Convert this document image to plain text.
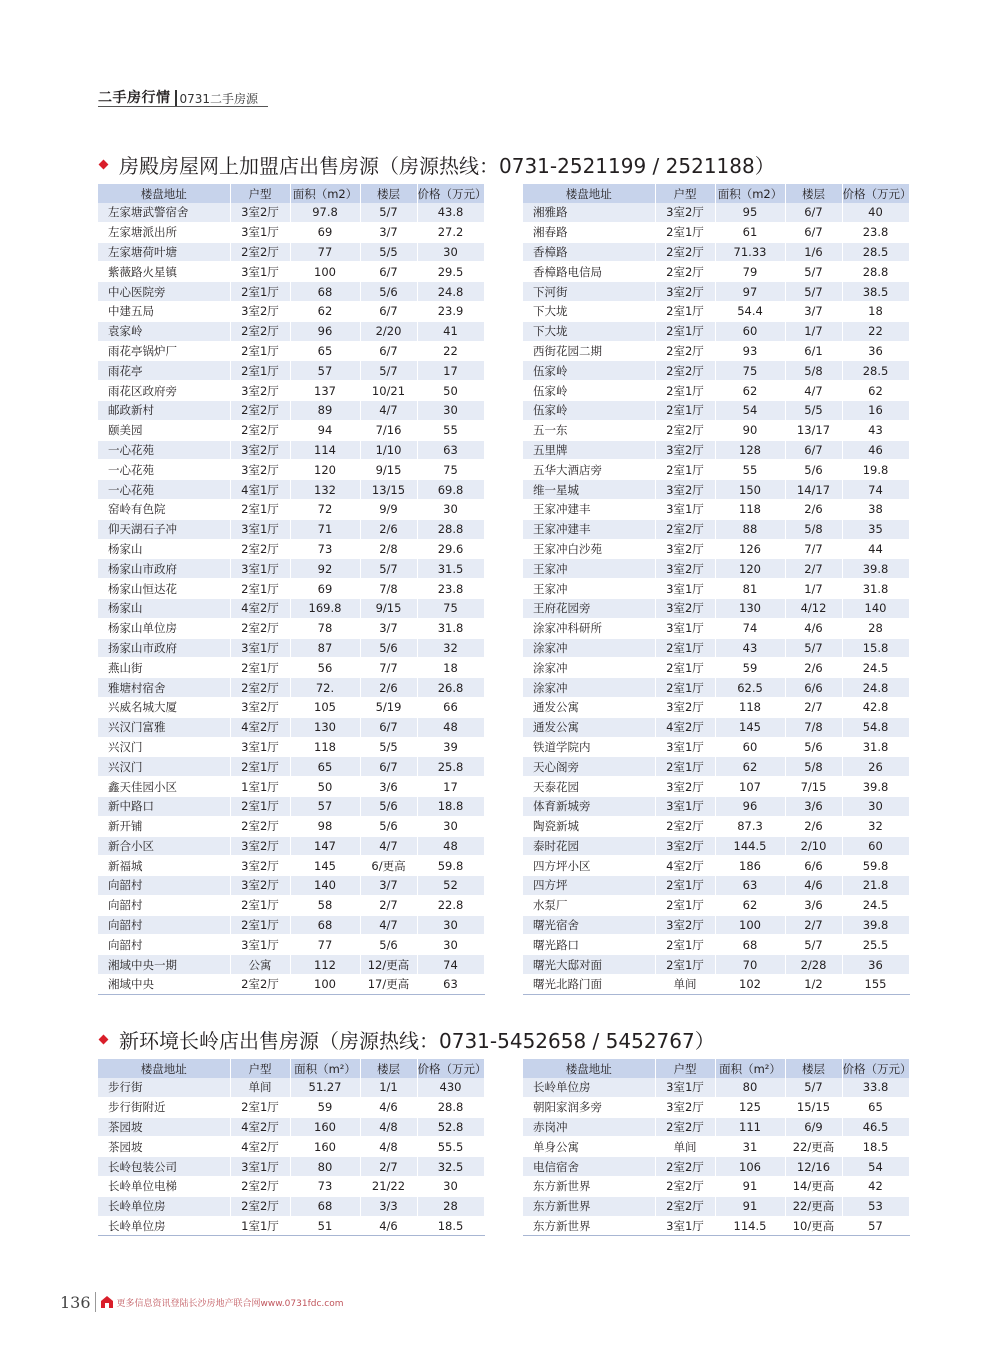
二手房行情 0731二手房源
房殿房屋网上加盟店出售房源（房源热线：0731-2521199 / 2521188）
楼盘地址	户型	面积（m2）	楼层	价格（万元）
左家塘武警宿舍	3室2厅	97.8	5/7	43.8
左家塘派出所	3室1厅	69	3/7	27.2
左家塘荷叶塘	2室2厅	77	5/5	30
紫薇路火星镇	3室1厅	100	6/7	29.5
中心医院旁	2室1厅	68	5/6	24.8
中建五局	3室2厅	62	6/7	23.9
袁家岭	2室2厅	96	2/20	41
雨花亭锅炉厂	2室1厅	65	6/7	22
雨花亭	2室1厅	57	5/7	17
雨花区政府旁	3室2厅	137	10/21	50
邮政新村	2室2厅	89	4/7	30
颐美园	2室2厅	94	7/16	55
一心花苑	3室2厅	114	1/10	63
一心花苑	3室2厅	120	9/15	75
一心花苑	4室1厅	132	13/15	69.8
窑岭有色院	2室1厅	72	9/9	30
仰天湖石子冲	3室1厅	71	2/6	28.8
杨家山	2室2厅	73	2/8	29.6
杨家山市政府	3室1厅	92	5/7	31.5
杨家山恒达花	2室1厅	69	7/8	23.8
杨家山	4室2厅	169.8	9/15	75
杨家山单位房	2室2厅	78	3/7	31.8
扬家山市政府	3室1厅	87	5/6	32
燕山街	2室1厅	56	7/7	18
雅塘村宿舍	2室2厅	72.	2/6	26.8
兴威名城大厦	3室2厅	105	5/19	66
兴汉门富雅	4室2厅	130	6/7	48
兴汉门	3室1厅	118	5/5	39
兴汉门	2室1厅	65	6/7	25.8
鑫天佳园小区	1室1厅	50	3/6	17
新中路口	2室1厅	57	5/6	18.8
新开铺	2室2厅	98	5/6	30
新合小区	3室2厅	147	4/7	48
新福城	3室2厅	145	6/更高	59.8
向韶村	3室2厅	140	3/7	52
向韶村	2室1厅	58	2/7	22.8
向韶村	2室1厅	68	4/7	30
向韶村	3室1厅	77	5/6	30
湘域中央一期	公寓	112	12/更高	74
湘域中央	2室2厅	100	17/更高	63
楼盘地址	户型	面积（m2）	楼层	价格（万元）
湘雅路	3室2厅	95	6/7	40
湘春路	2室1厅	61	6/7	23.8
香樟路	2室2厅	71.33	1/6	28.5
香樟路电信局	2室2厅	79	5/7	28.8
下河街	3室2厅	97	5/7	38.5
下大垅	2室1厅	54.4	3/7	18
下大垅	2室1厅	60	1/7	22
西街花园二期	2室2厅	93	6/1	36
伍家岭	2室2厅	75	5/8	28.5
伍家岭	2室1厅	62	4/7	62
伍家岭	2室1厅	54	5/5	16
五一东	2室2厅	90	13/17	43
五里牌	3室2厅	128	6/7	46
五华大酒店旁	2室1厅	55	5/6	19.8
维一星城	3室2厅	150	14/17	74
王家冲建丰	3室1厅	118	2/6	38
王家冲建丰	2室2厅	88	5/8	35
王家冲白沙苑	3室2厅	126	7/7	44
王家冲	3室2厅	120	2/7	39.8
王家冲	3室1厅	81	1/7	31.8
王府花园旁	3室2厅	130	4/12	140
涂家冲科研所	3室1厅	74	4/6	28
涂家冲	2室1厅	43	5/7	15.8
涂家冲	2室1厅	59	2/6	24.5
涂家冲	2室1厅	62.5	6/6	24.8
通发公寓	3室2厅	118	2/7	42.8
通发公寓	4室2厅	145	7/8	54.8
铁道学院内	3室1厅	60	5/6	31.8
天心阁旁	2室1厅	62	5/8	26
天泰花园	3室2厅	107	7/15	39.8
体育新城旁	3室1厅	96	3/6	30
陶瓷新城	2室2厅	87.3	2/6	32
泰时花园	3室2厅	144.5	2/10	60
四方坪小区	4室2厅	186	6/6	59.8
四方坪	2室1厅	63	4/6	21.8
水泵厂	2室1厅	62	3/6	24.5
曙光宿舍	3室2厅	100	2/7	39.8
曙光路口	2室1厅	68	5/7	25.5
曙光大邸对面	2室1厅	70	2/28	36
曙光北路门面	单间	102	1/2	155
新环境长岭店出售房源（房源热线：0731-5452658 / 5452767）
楼盘地址	户型	面积（m²）	楼层	价格（万元）
步行街	单间	51.27	1/1	430
步行街附近	2室1厅	59	4/6	28.8
茶园坡	4室2厅	160	4/8	52.8
茶园坡	4室2厅	160	4/8	55.5
长岭包装公司	3室1厅	80	2/7	32.5
长岭单位电梯	2室2厅	73	21/22	30
长岭单位房	2室2厅	68	3/3	28
长岭单位房	1室1厅	51	4/6	18.5
楼盘地址	户型	面积（m²）	楼层	价格（万元）
长岭单位房	3室1厅	80	5/7	33.8
朝阳家润多旁	3室2厅	125	15/15	65
赤岗冲	2室2厅	111	6/9	46.5
单身公寓	单间	31	22/更高	18.5
电信宿舍	2室2厅	106	12/16	54
东方新世界	2室2厅	91	14/更高	42
东方新世界	2室2厅	91	22/更高	53
东方新世界	3室1厅	114.5	10/更高	57
136	更多信息资讯登陆长沙房地产联合网www.0731fdc.com
